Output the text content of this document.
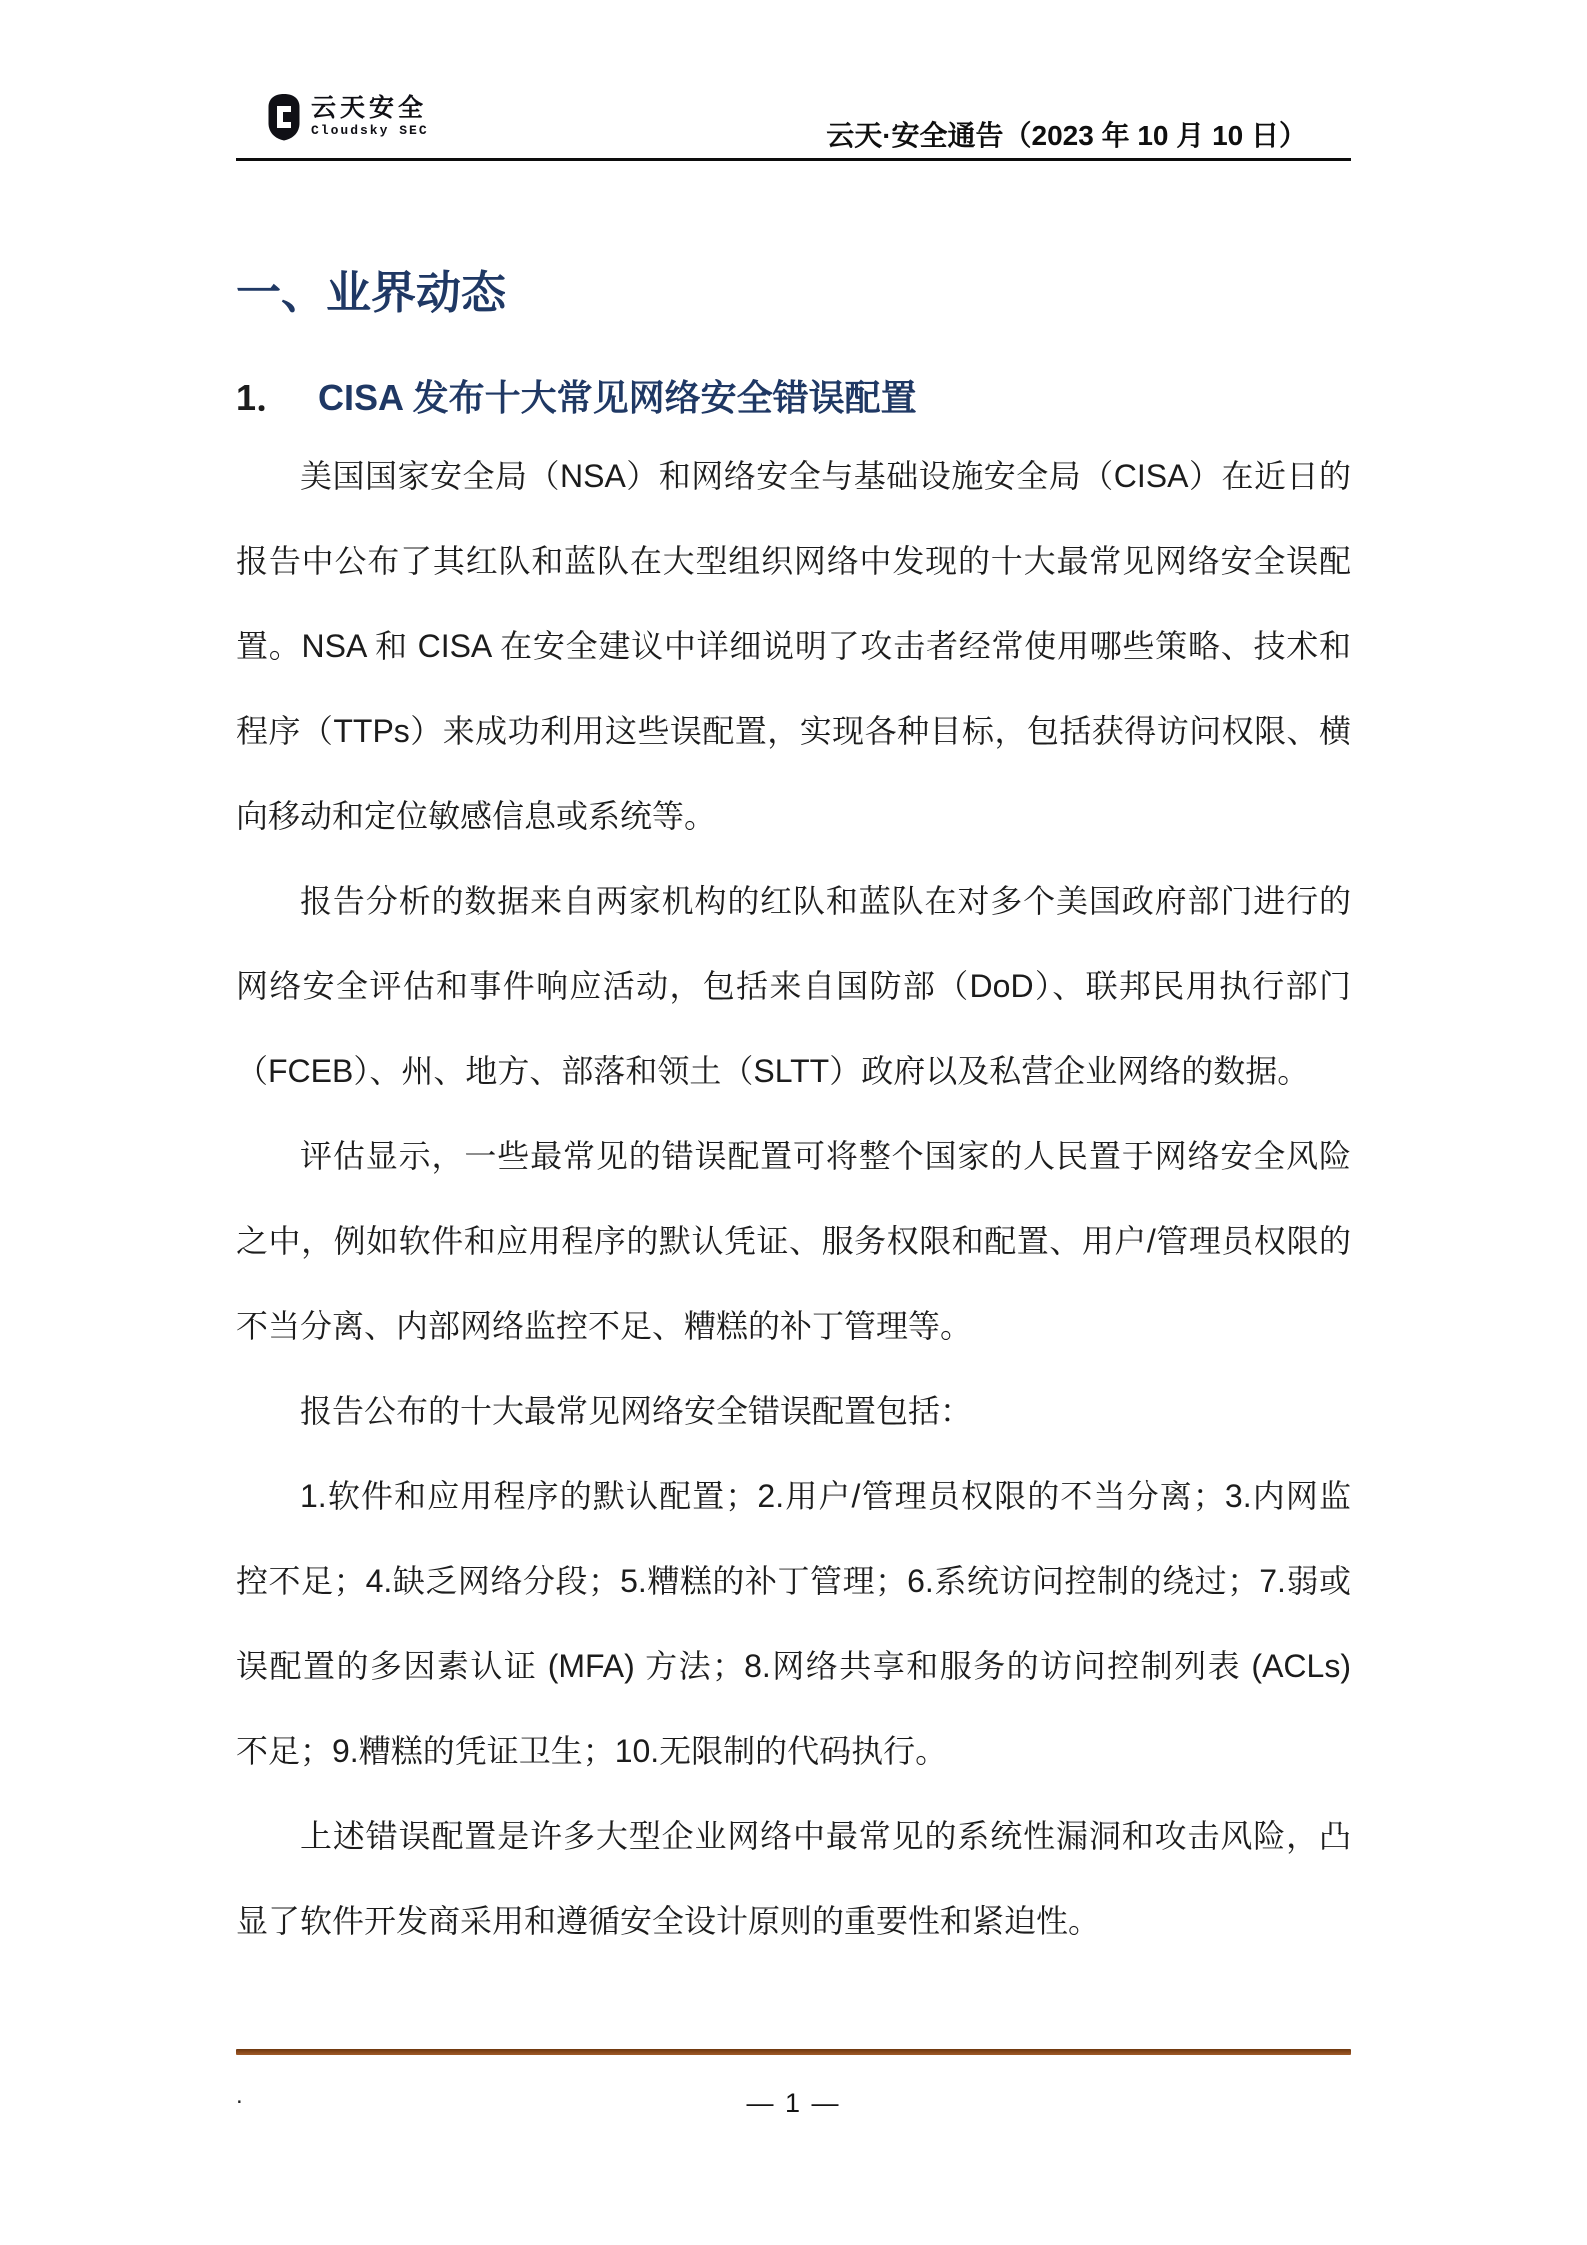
云天安全
Cloudsky SEC	云天·安全通告（2023 年 10 月 10 日）
一、业界动态
1． CISA 发布十大常见网络安全错误配置
美国国家安全局（NSA）和网络安全与基础设施安全局（CISA）在近日的
报告中公布了其红队和蓝队在大型组织网络中发现的十大最常见网络安全误配
置。NSA 和 CISA 在安全建议中详细说明了攻击者经常使用哪些策略、技术和
程序（TTPs）来成功利用这些误配置，实现各种目标，包括获得访问权限、横
向移动和定位敏感信息或系统等。
报告分析的数据来自两家机构的红队和蓝队在对多个美国政府部门进行的
网络安全评估和事件响应活动，包括来自国防部（DoD）、联邦民用执行部门
（FCEB）、州、地方、部落和领土（SLTT）政府以及私营企业网络的数据。
评估显示，一些最常见的错误配置可将整个国家的人民置于网络安全风险
之中，例如软件和应用程序的默认凭证、服务权限和配置、用户/管理员权限的
不当分离、内部网络监控不足、糟糕的补丁管理等。
报告公布的十大最常见网络安全错误配置包括：
1.软件和应用程序的默认配置；2.用户/管理员权限的不当分离；3.内网监
控不足；4.缺乏网络分段；5.糟糕的补丁管理；6.系统访问控制的绕过；7.弱或
误配置的多因素认证 (MFA) 方法；8.网络共享和服务的访问控制列表 (ACLs)
不足；9.糟糕的凭证卫生；10.无限制的代码执行。
上述错误配置是许多大型企业网络中最常见的系统性漏洞和攻击风险，凸
显了软件开发商采用和遵循安全设计原则的重要性和紧迫性。
.	— 1 —
